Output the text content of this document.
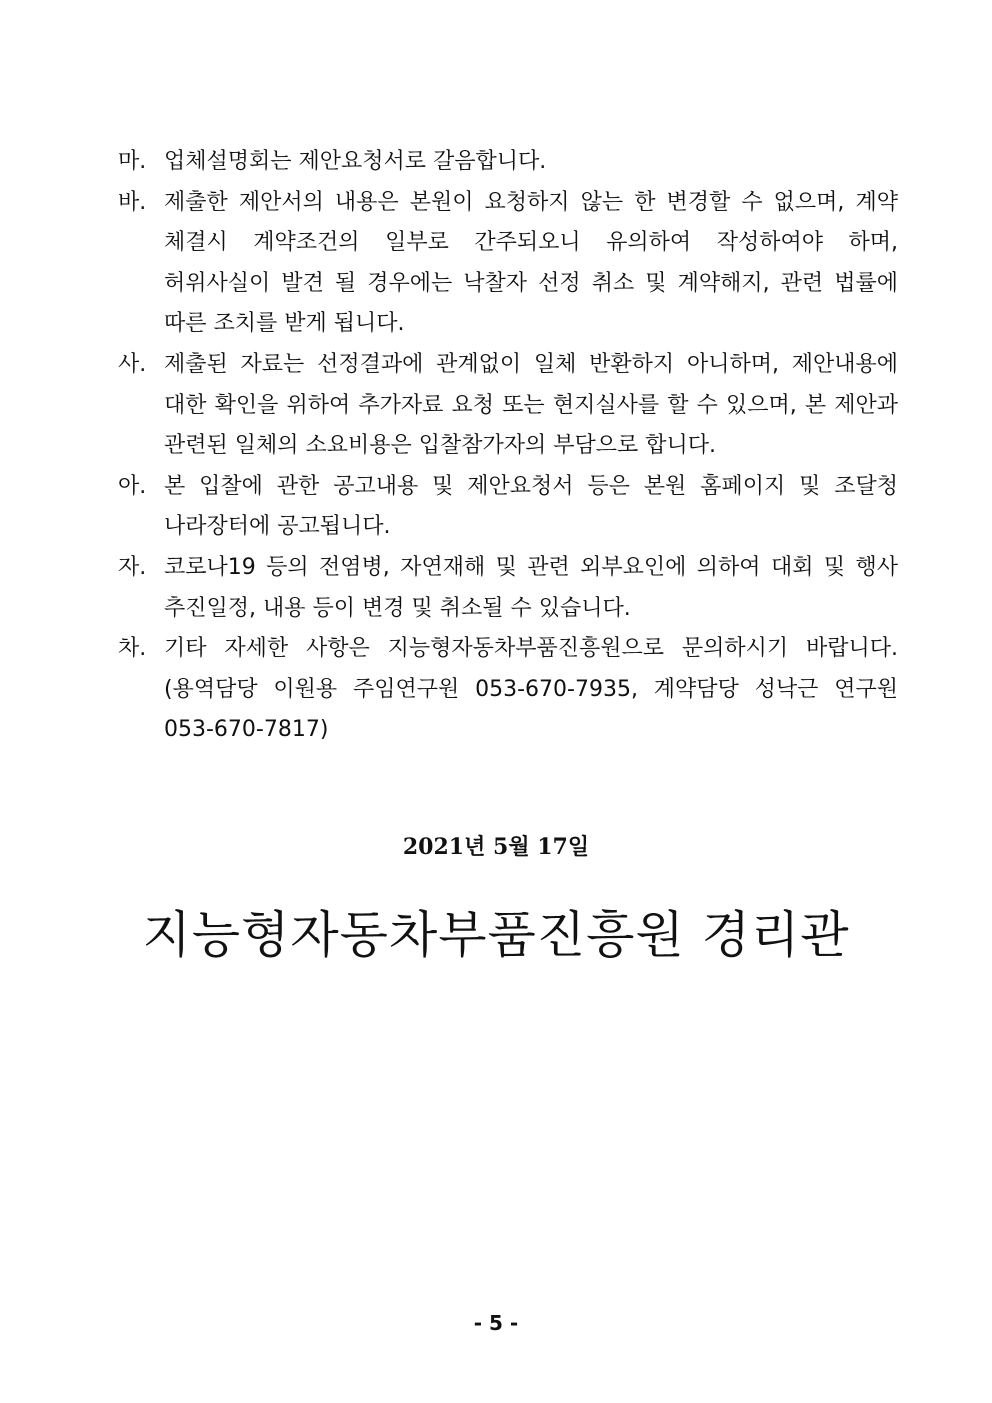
마. 업체설명회는 제안요청서로 갈음합니다.
바. 제출한 제안서의 내용은 본원이 요청하지 않는 한 변경할 수 없으며, 계약 체결시 계약조건의 일부로 간주되오니 유의하여 작성하여야 하며, 허위사실이 발견 될 경우에는 낙찰자 선정 취소 및 계약해지, 관련 법률에 따른 조치를 받게 됩니다.
사. 제출된 자료는 선정결과에 관계없이 일체 반환하지 아니하며, 제안내용에 대한 확인을 위하여 추가자료 요청 또는 현지실사를 할 수 있으며, 본 제안과 관련된 일체의 소요비용은 입찰참가자의 부담으로 합니다.
아. 본 입찰에 관한 공고내용 및 제안요청서 등은 본원 홈페이지 및 조달청 나라장터에 공고됩니다.
자. 코로나19 등의 전염병, 자연재해 및 관련 외부요인에 의하여 대회 및 행사 추진일정, 내용 등이 변경 및 취소될 수 있습니다.
차. 기타 자세한 사항은 지능형자동차부품진흥원으로 문의하시기 바랍니다.(용역담당 이원용 주임연구원 053-670-7935, 계약담당 성낙근 연구원 053-670-7817)
2021년 5월 17일
지능형자동차부품진흥원 경리관
- 5 -
